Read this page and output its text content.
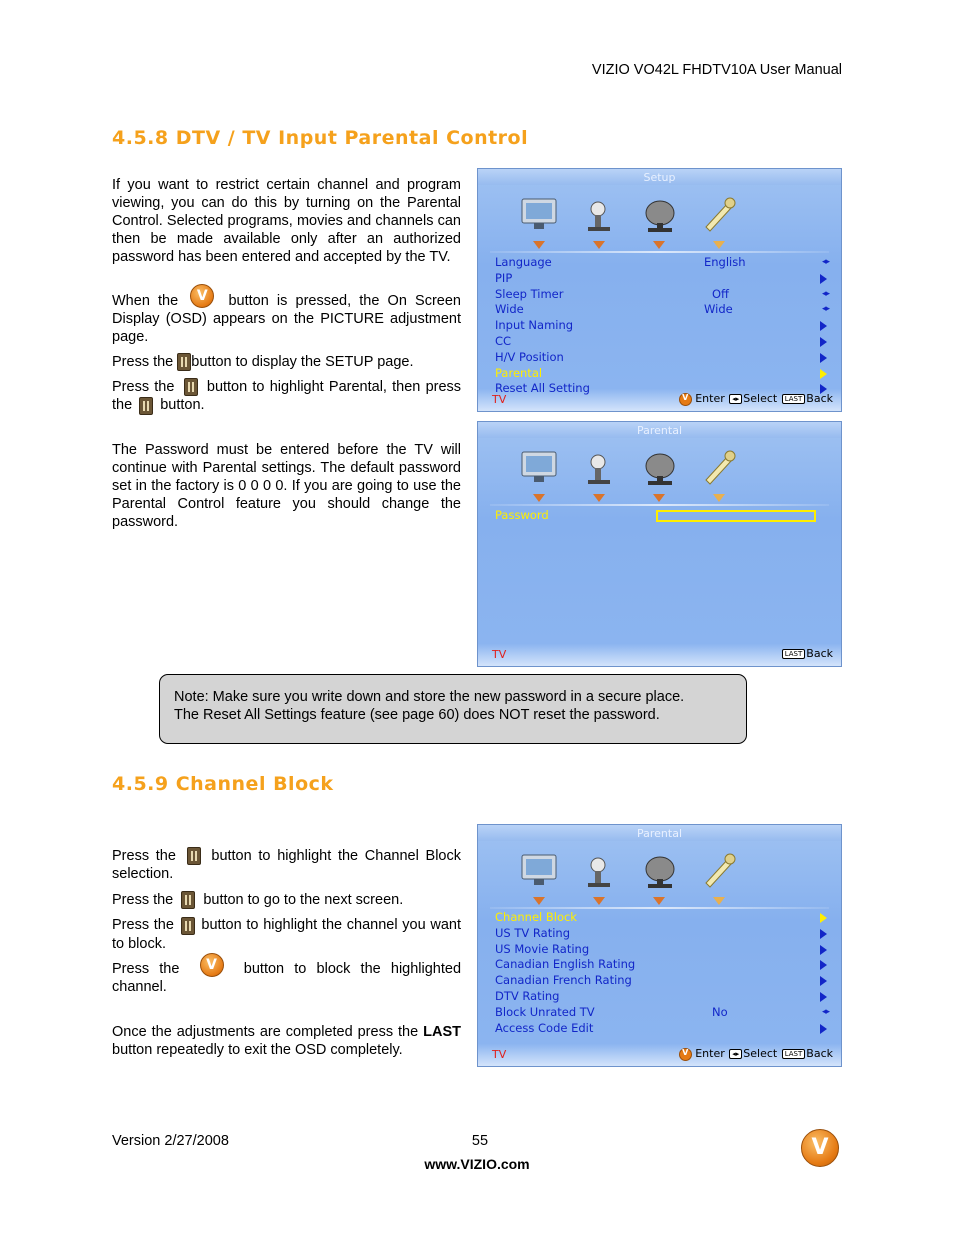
VIZIO VO42L FHDTV10A User Manual
4.5.8 DTV / TV Input Parental Control

If you want to restrict certain channel and program viewing, you can do this by turning on the Parental Control. Selected programs, movies and channels can then be made available only after an authorized password has been entered and accepted by the TV.

When the V	button is pressed, the On Screen Display (OSD) appears on the PICTURE adjustment page.

Press the button to display the SETUP page.

Press the button to highlight Parental, then press the button.

The Password must be entered before the TV will continue with Parental settings. The default password set in the factory is 0 0 0 0. If you are going to use the Parental Control feature you should change the password.

Setup
TV V	Enter ◂▸ Select LAST Back
Language	English	◂▸
PIP
Sleep Timer	Off	◂▸
Wide	Wide	◂▸
Input Naming
CC
H/V Position
Parental
Reset All Setting
Parental
Password
TV	LAST Back
Note: Make sure you write down and store the new password in a secure place.
The Reset All Settings feature (see page 60) does NOT reset the password.
4.5.9 Channel Block

Press the button to highlight the Channel Block selection.

Press the button to go to the next screen.

Press the button to highlight the channel you want to block.

Press the V	button to block the highlighted channel.

Once the adjustments are completed press the LAST button repeatedly to exit the OSD completely.

Parental
TV V	Enter ◂▸ Select LAST Back
Channel Block
US TV Rating
US Movie Rating
Canadian English Rating
Canadian French Rating
DTV Rating
Block Unrated TV	No	◂▸
Access Code Edit
Version 2/27/2008	55
www.VIZIO.com
V
